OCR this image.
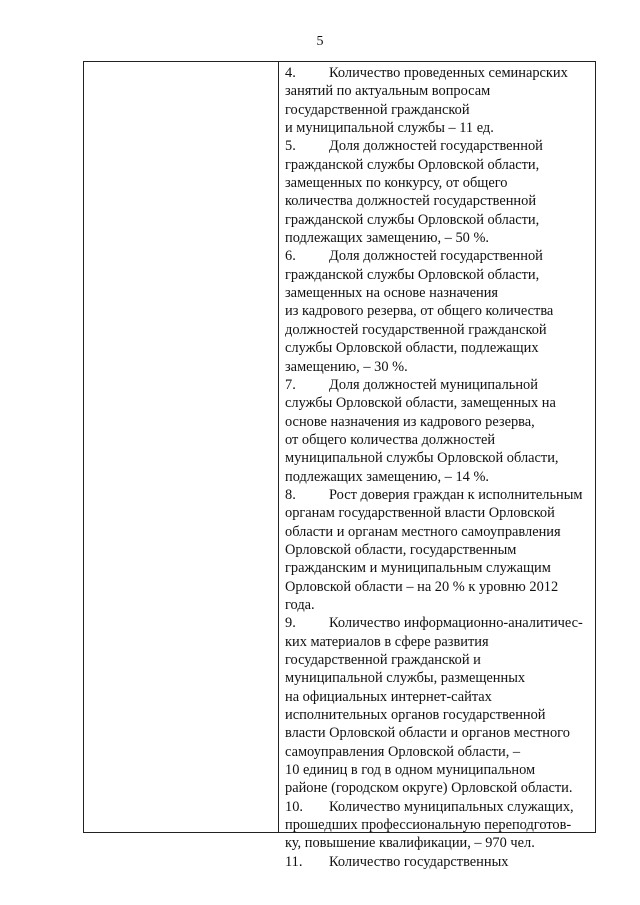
5
4. Количество проведенных семинарских
занятий по актуальным вопросам
государственной гражданской
и муниципальной службы – 11 ед.
5. Доля должностей государственной
гражданской службы Орловской области,
замещенных по конкурсу, от общего
количества должностей государственной
гражданской службы Орловской области,
подлежащих замещению, – 50 %.
6. Доля должностей государственной
гражданской службы Орловской области,
замещенных на основе назначения
из кадрового резерва, от общего количества
должностей государственной гражданской
службы Орловской области, подлежащих
замещению, – 30 %.
7. Доля должностей муниципальной
службы Орловской области, замещенных на
основе назначения из кадрового резерва,
от общего количества должностей
муниципальной службы Орловской области,
подлежащих замещению, – 14 %.
8. Рост доверия граждан к исполнительным
органам государственной власти Орловской
области и органам местного самоуправления
Орловской области, государственным
гражданским и муниципальным служащим
Орловской области – на 20 % к уровню 2012
года.
9. Количество информационно-аналитичес-
ких материалов в сфере развития
государственной гражданской и
муниципальной службы, размещенных
на официальных интернет-сайтах
исполнительных органов государственной
власти Орловской области и органов местного
самоуправления Орловской области, –
10 единиц в год в одном муниципальном
районе (городском округе) Орловской области.
10. Количество муниципальных служащих,
прошедших профессиональную переподготов-
ку, повышение квалификации, – 970 чел.
11. Количество государственных
